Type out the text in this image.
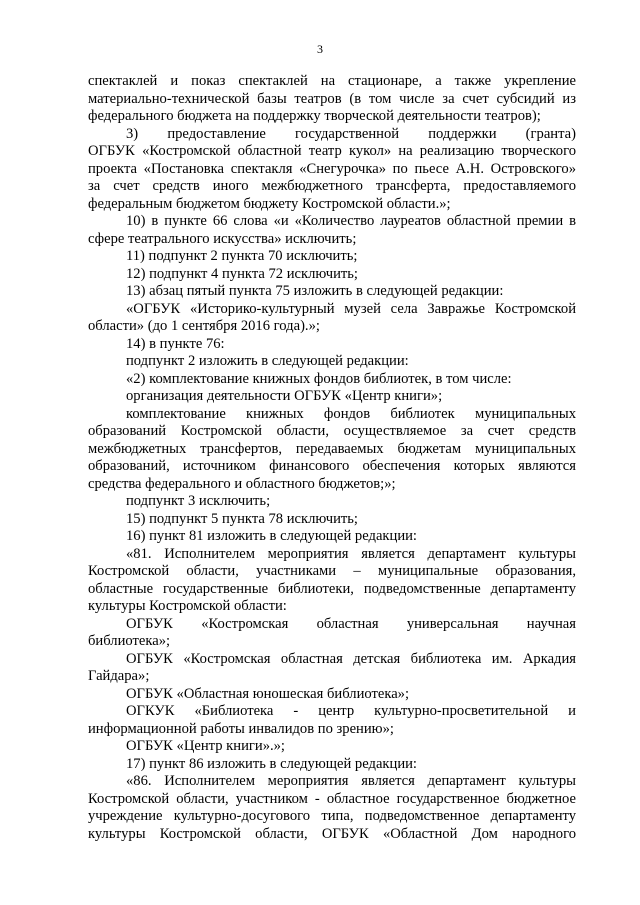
3
спектаклей и показ спектаклей на стационаре, а также укрепление
материально-технической базы театров (в том числе за счет субсидий из
федерального бюджета на поддержку творческой деятельности театров);
3) предоставление государственной поддержки (гранта)
ОГБУК «Костромской областной театр кукол» на реализацию творческого
проекта «Постановка спектакля «Снегурочка» по пьесе А.Н. Островского»
за счет средств иного межбюджетного трансферта, предоставляемого
федеральным бюджетом бюджету Костромской области.»;
10) в пункте 66 слова «и «Количество лауреатов областной премии в
сфере театрального искусства» исключить;
11) подпункт 2 пункта 70 исключить;
12) подпункт 4 пункта 72 исключить;
13) абзац пятый пункта 75 изложить в следующей редакции:
«ОГБУК «Историко-культурный музей села Завражье Костромской
области» (до 1 сентября 2016 года).»;
14) в пункте 76:
подпункт 2 изложить в следующей редакции:
«2) комплектование книжных фондов библиотек, в том числе:
организация деятельности ОГБУК «Центр книги»;
комплектование книжных фондов библиотек муниципальных
образований Костромской области, осуществляемое за счет средств
межбюджетных трансфертов, передаваемых бюджетам муниципальных
образований, источником финансового обеспечения которых являются
средства федерального и областного бюджетов;»;
подпункт 3 исключить;
15) подпункт 5 пункта 78 исключить;
16) пункт 81 изложить в следующей редакции:
«81. Исполнителем мероприятия является департамент культуры
Костромской области, участниками – муниципальные образования,
областные государственные библиотеки, подведомственные департаменту
культуры Костромской области:
ОГБУК «Костромская областная универсальная научная
библиотека»;
ОГБУК «Костромская областная детская библиотека им. Аркадия
Гайдара»;
ОГБУК «Областная юношеская библиотека»;
ОГКУК «Библиотека - центр культурно-просветительной и
информационной работы инвалидов по зрению»;
ОГБУК «Центр книги».»;
17) пункт 86 изложить в следующей редакции:
«86. Исполнителем мероприятия является департамент культуры
Костромской области, участником - областное государственное бюджетное
учреждение культурно-досугового типа, подведомственное департаменту
культуры Костромской области, ОГБУК «Областной Дом народного
